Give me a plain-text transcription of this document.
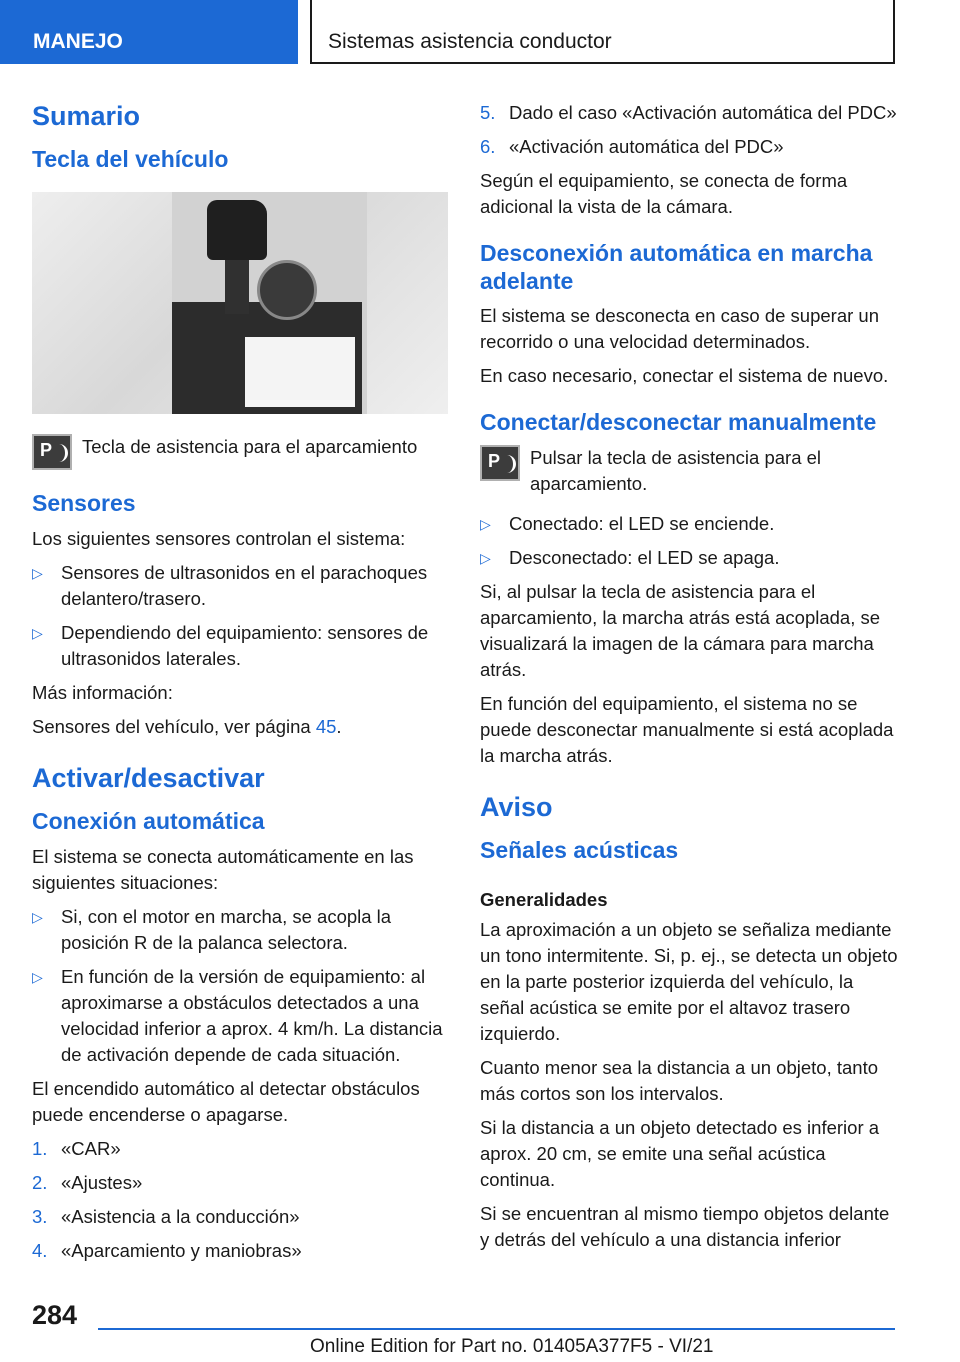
MANEJO	Sistemas asistencia conductor
Sumario
Tecla del vehículo
P Tecla de asistencia para el aparcamiento

Sensores

Los siguientes sensores controlan el sistema:

▷ Sensores de ultrasonidos en el parachoques delantero/trasero.
▷ Dependiendo del equipamiento: sensores de ultrasonidos laterales.

Más información:

Sensores del vehículo, ver página 45.

Activar/desactivar
Conexión automática

El sistema se conecta automáticamente en las siguientes situaciones:

▷ Si, con el motor en marcha, se acopla la posición R de la palanca selectora.
▷ En función de la versión de equipamiento: al aproximarse a obstáculos detectados a una velocidad inferior a aprox. 4 km/h. La distancia de activación depende de cada situación.

El encendido automático al detectar obstáculos puede encenderse o apagarse.

1. «CAR»
2. «Ajustes»
3. «Asistencia a la conducción»
4. «Aparcamiento y maniobras»
5. Dado el caso «Activación automática del PDC»
6. «Activación automática del PDC»

Según el equipamiento, se conecta de forma adicional la vista de la cámara.

Desconexión automática en marcha adelante

El sistema se desconecta en caso de superar un recorrido o una velocidad determinados.

En caso necesario, conectar el sistema de nuevo.

Conectar/desconectar manualmente
P Pulsar la tecla de asistencia para el aparcamiento.

▷ Conectado: el LED se enciende.
▷ Desconectado: el LED se apaga.

Si, al pulsar la tecla de asistencia para el aparcamiento, la marcha atrás está acoplada, se visualizará la imagen de la cámara para marcha atrás.

En función del equipamiento, el sistema no se puede desconectar manualmente si está acoplada la marcha atrás.

Aviso
Señales acústicas
Generalidades

La aproximación a un objeto se señaliza mediante un tono intermitente. Si, p. ej., se detecta un objeto en la parte posterior izquierda del vehículo, la señal acústica se emite por el altavoz trasero izquierdo.

Cuanto menor sea la distancia a un objeto, tanto más cortos son los intervalos.

Si la distancia a un objeto detectado es inferior a aprox. 20 cm, se emite una señal acústica continua.

Si se encuentran al mismo tiempo objetos delante y detrás del vehículo a una distancia inferior

284
Online Edition for Part no. 01405A377F5 - VI/21
